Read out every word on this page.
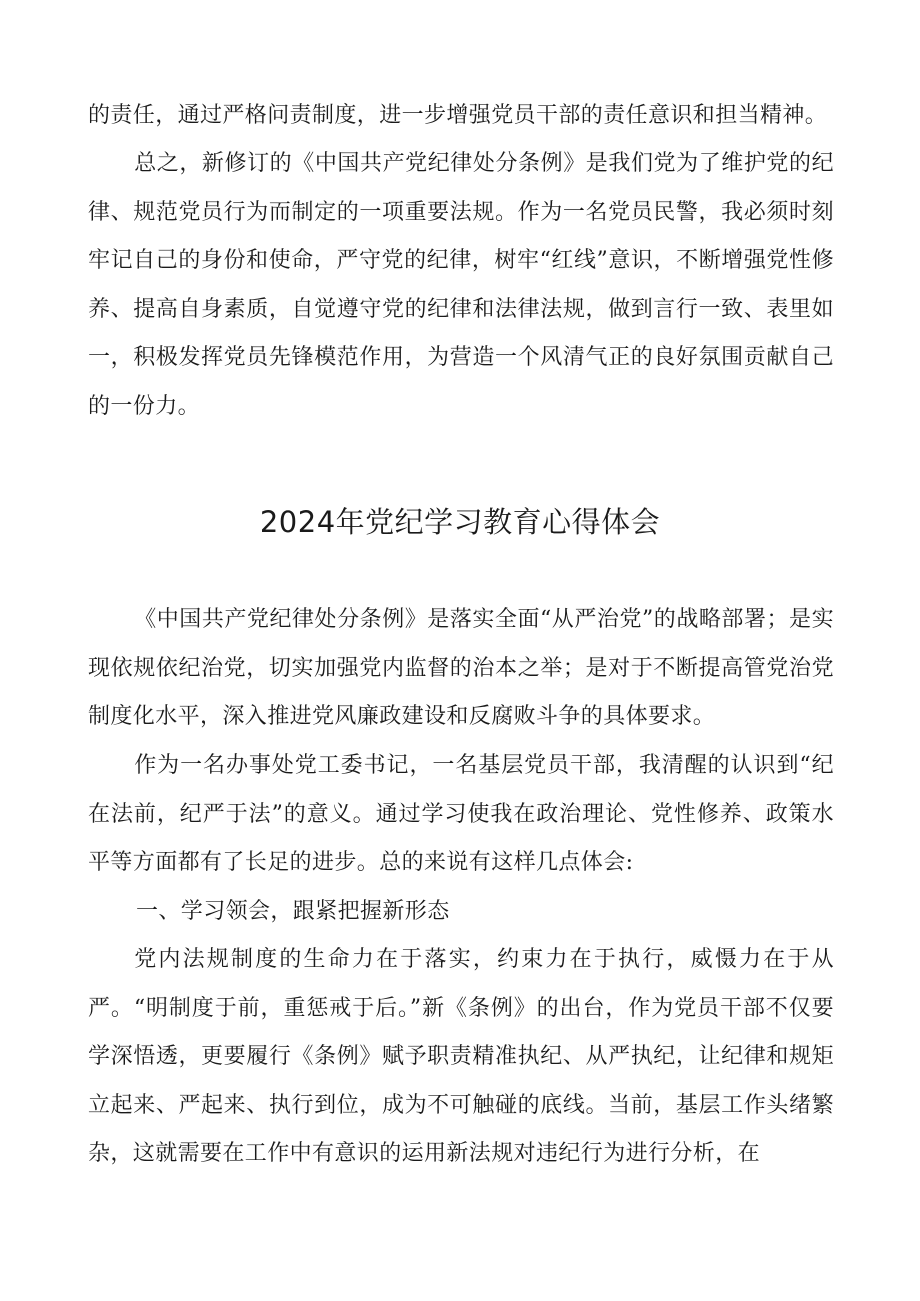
的责任，通过严格问责制度，进一步增强党员干部的责任意识和担当精神。

总之，新修订的《中国共产党纪律处分条例》是我们党为了维护党的纪律、规范党员行为而制定的一项重要法规。作为一名党员民警，我必须时刻牢记自己的身份和使命，严守党的纪律，树牢“红线”意识，不断增强党性修养、提高自身素质，自觉遵守党的纪律和法律法规，做到言行一致、表里如一，积极发挥党员先锋模范作用，为营造一个风清气正的良好氛围贡献自己的一份力。

2024年党纪学习教育心得体会

《中国共产党纪律处分条例》是落实全面“从严治党”的战略部署；是实现依规依纪治党，切实加强党内监督的治本之举；是对于不断提高管党治党制度化水平，深入推进党风廉政建设和反腐败斗争的具体要求。

作为一名办事处党工委书记，一名基层党员干部，我清醒的认识到“纪在法前，纪严于法”的意义。通过学习使我在政治理论、党性修养、政策水平等方面都有了长足的进步。总的来说有这样几点体会:

一、学习领会，跟紧把握新形态

党内法规制度的生命力在于落实，约束力在于执行，威慑力在于从严。“明制度于前，重惩戒于后。”新《条例》的出台，作为党员干部不仅要学深悟透，更要履行《条例》赋予职责精准执纪、从严执纪，让纪律和规矩立起来、严起来、执行到位，成为不可触碰的底线。当前，基层工作头绪繁杂，这就需要在工作中有意识的运用新法规对违纪行为进行分析，在
